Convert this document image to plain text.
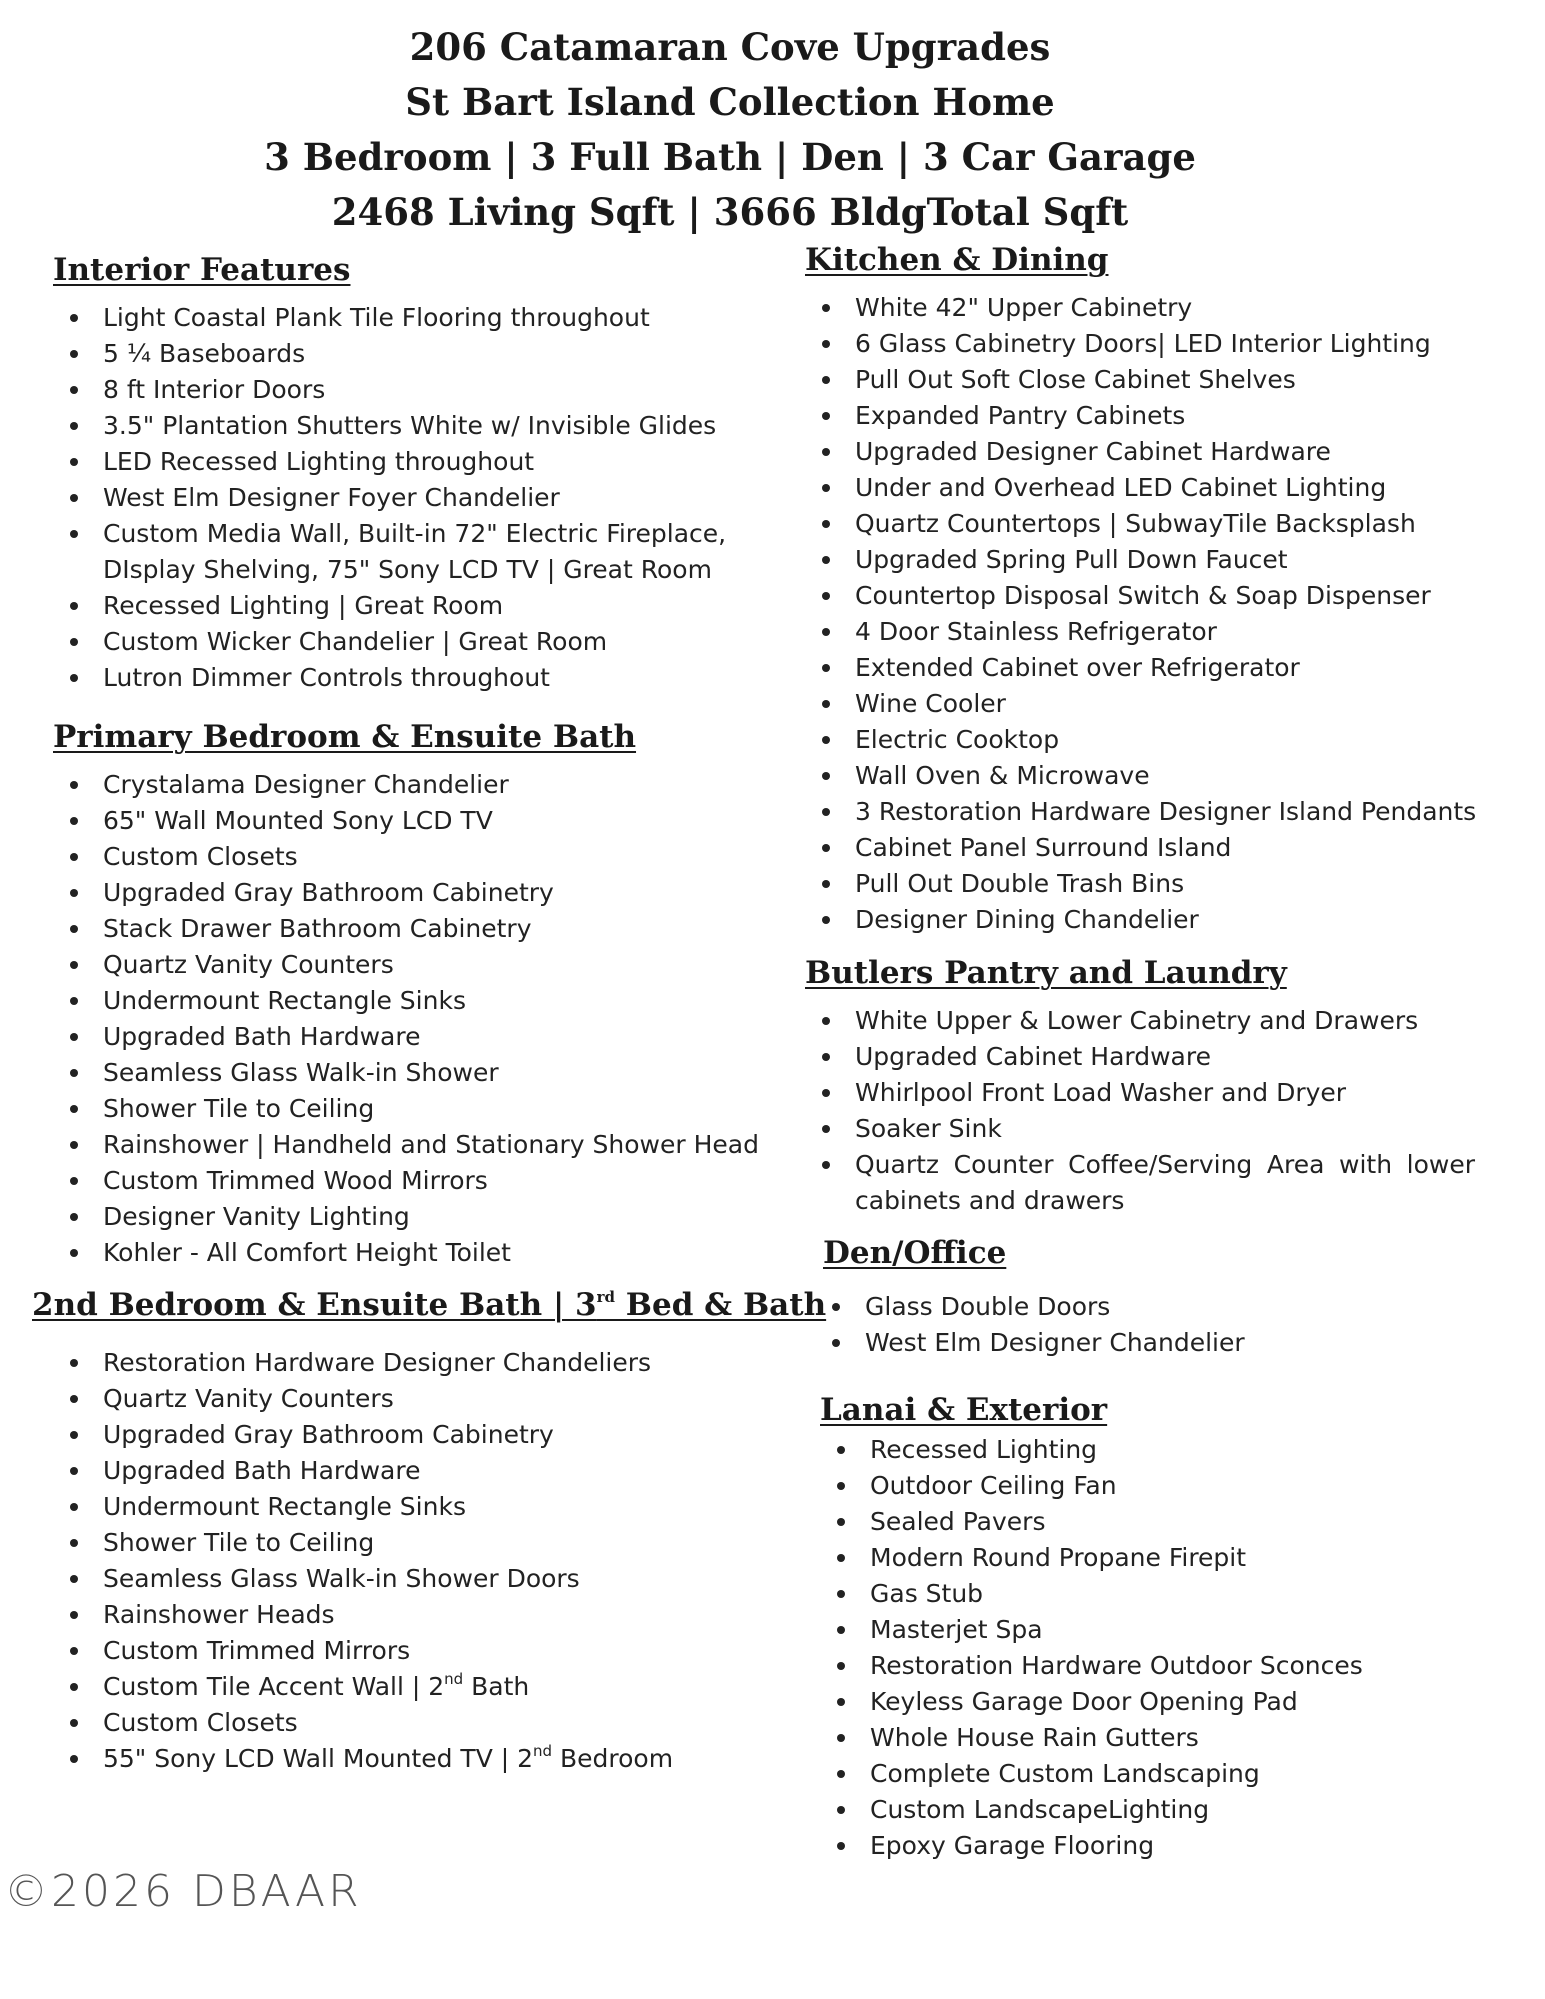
206 Catamaran Cove Upgrades
St Bart Island Collection Home
3 Bedroom | 3 Full Bath | Den | 3 Car Garage
2468 Living Sqft | 3666 BldgTotal Sqft
Interior Features
Light Coastal Plank Tile Flooring throughout
5 ¼ Baseboards
8 ft Interior Doors
3.5" Plantation Shutters White w/ Invisible Glides
LED Recessed Lighting throughout
West Elm Designer Foyer Chandelier
Custom Media Wall, Built-in 72" Electric Fireplace, DIsplay Shelving, 75" Sony LCD TV | Great Room
Recessed Lighting | Great Room
Custom Wicker Chandelier | Great Room
Lutron Dimmer Controls throughout
Primary Bedroom & Ensuite Bath
Crystalama Designer Chandelier
65" Wall Mounted Sony LCD TV
Custom Closets
Upgraded Gray Bathroom Cabinetry
Stack Drawer Bathroom Cabinetry
Quartz Vanity Counters
Undermount Rectangle Sinks
Upgraded Bath Hardware
Seamless Glass Walk-in Shower
Shower Tile to Ceiling
Rainshower | Handheld and Stationary Shower Head
Custom Trimmed Wood Mirrors
Designer Vanity Lighting
Kohler - All Comfort Height Toilet
2nd Bedroom & Ensuite Bath | 3rd Bed & Bath
Restoration Hardware Designer Chandeliers
Quartz Vanity Counters
Upgraded Gray Bathroom Cabinetry
Upgraded Bath Hardware
Undermount Rectangle Sinks
Shower Tile to Ceiling
Seamless Glass Walk-in Shower Doors
Rainshower Heads
Custom Trimmed Mirrors
Custom Tile Accent Wall | 2nd Bath
Custom Closets
55" Sony LCD Wall Mounted TV | 2nd Bedroom
Kitchen & Dining
White 42" Upper Cabinetry
6 Glass Cabinetry Doors| LED Interior Lighting
Pull Out Soft Close Cabinet Shelves
Expanded Pantry Cabinets
Upgraded Designer Cabinet Hardware
Under and Overhead LED Cabinet Lighting
Quartz Countertops | SubwayTile Backsplash
Upgraded Spring Pull Down Faucet
Countertop Disposal Switch & Soap Dispenser
4 Door Stainless Refrigerator
Extended Cabinet over Refrigerator
Wine Cooler
Electric Cooktop
Wall Oven & Microwave
3 Restoration Hardware Designer Island Pendants
Cabinet Panel Surround Island
Pull Out Double Trash Bins
Designer Dining Chandelier
Butlers Pantry and Laundry
White Upper & Lower Cabinetry and Drawers
Upgraded Cabinet Hardware
Whirlpool Front Load Washer and Dryer
Soaker Sink
Quartz Counter Coffee/Serving Area with lower cabinets and drawers
Den/Office
Glass Double Doors
West Elm Designer Chandelier
Lanai & Exterior
Recessed Lighting
Outdoor Ceiling Fan
Sealed Pavers
Modern Round Propane Firepit
Gas Stub
Masterjet Spa
Restoration Hardware Outdoor Sconces
Keyless Garage Door Opening Pad
Whole House Rain Gutters
Complete Custom Landscaping
Custom LandscapeLighting
Epoxy Garage Flooring
©2026 DBAAR
